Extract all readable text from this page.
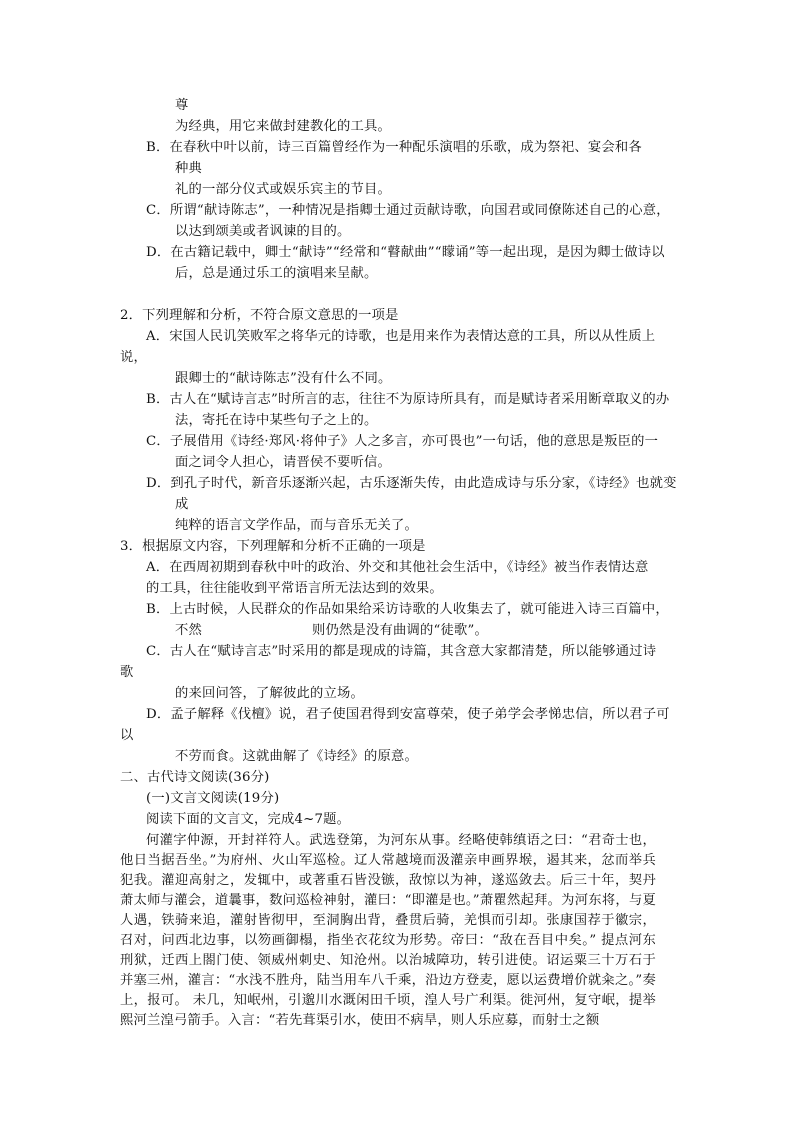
尊
为经典，用它来做封建教化的工具。
B．在春秋中叶以前，诗三百篇曾经作为一种配乐演唱的乐歌，成为祭祀、宴会和各
种典
礼的一部分仪式或娱乐宾主的节目。
C．所谓“献诗陈志”，一种情况是指卿士通过贡献诗歌，向国君或同僚陈述自己的心意，
以达到颂美或者讽谏的目的。
D．在古籍记载中，卿士“献诗”“经常和“瞽献曲”“矇诵”等一起出现，是因为卿士做诗以
后，总是通过乐工的演唱来呈献。
2．下列理解和分析，不符合原文意思的一项是
A．宋国人民讥笑败军之将华元的诗歌，也是用来作为表情达意的工具，所以从性质上
说，
跟卿士的“献诗陈志”没有什么不同。
B．古人在“赋诗言志”时所言的志，往往不为原诗所具有，而是赋诗者采用断章取义的办
法，寄托在诗中某些句子之上的。
C．子展借用《诗经·郑风·将仲子》人之多言，亦可畏也”一句话，他的意思是叛臣的一
面之词令人担心，请晋侯不要听信。
D．到孔子时代，新音乐逐渐兴起，古乐逐渐失传，由此造成诗与乐分家，《诗经》也就变
成
纯粹的语言文学作品，而与音乐无关了。
3．根据原文内容，下列理解和分析不正确的一项是
A．在西周初期到春秋中叶的政治、外交和其他社会生活中，《诗经》被当作表情达意
的工具，往往能收到平常语言所无法达到的效果。
B．上古时候，人民群众的作品如果给采访诗歌的人收集去了，就可能进入诗三百篇中，
不然	则仍然是没有曲调的“徒歌”。
C．古人在“赋诗言志”时采用的都是现成的诗篇，其含意大家都清楚，所以能够通过诗
歌
的来回问答，了解彼此的立场。
D．孟子解释《伐檀》说，君子使国君得到安富尊荣，使子弟学会孝悌忠信，所以君子可
以
不劳而食。这就曲解了《诗经》的原意。
二、古代诗文阅读(36分)
(一)文言文阅读(19分)
阅读下面的文言文，完成4~7题。
何灌字仲源，开封祥符人。武选登第，为河东从事。经略使韩缜语之曰：“君奇士也，他日当据吾坐。”为府州、火山军巡检。辽人常越境而汲灌亲申画界堠，遏其来，忿而举兵犯我。灌迎高射之，发辄中，或著重石皆没镞，敌惊以为神，遂巡敛去。后三十年，契丹萧太师与灌会，道曩事，数问巡检神射，灌曰：“即灌是也。”萧瞿然起拜。为河东将，与夏人遇，铁骑来追，灌射皆彻甲，至洞胸出背，叠贯后骑，羌惧而引却。张康国荐于徽宗，召对，问西北边事，以笏画御榻，指坐衣花纹为形势。帝曰：“敌在吾目中矣。” 提点河东刑狱，迁西上閤门使、领威州刺史、知沧州。以治城障功，转引进使。诏运粟三十万石于并塞三州，灌言：“水浅不胜舟，陆当用车八千乘，沿边方登麦，愿以运费增价就籴之。”奏上，报可。 未几，知岷州，引邈川水溉闲田千顷，湟人号广利渠。徙河州，复守岷，提举熙河兰湟弓箭手。入言：“若先葺渠引水，使田不病旱，则人乐应募，而射士之额
